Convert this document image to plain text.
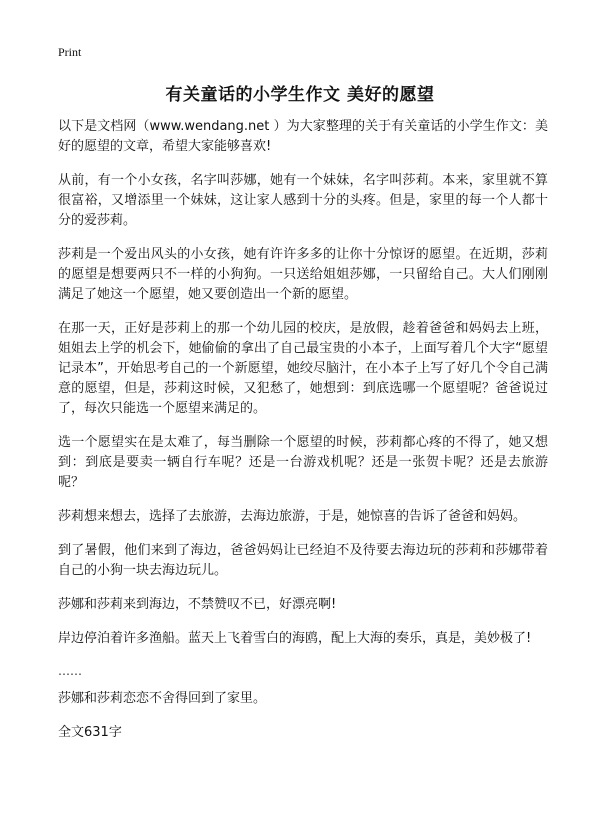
Print
有关童话的小学生作文 美好的愿望

以下是文档网（www.wendang.net ）为大家整理的关于有关童话的小学生作文：美好的愿望的文章，希望大家能够喜欢!

从前，有一个小女孩，名字叫莎娜，她有一个妹妹，名字叫莎莉。本来，家里就不算很富裕，又增添里一个妹妹，这让家人感到十分的头疼。但是，家里的每一个人都十分的爱莎莉。

莎莉是一个爱出风头的小女孩，她有许许多多的让你十分惊讶的愿望。在近期，莎莉的愿望是想要两只不一样的小狗狗。一只送给姐姐莎娜，一只留给自己。大人们刚刚满足了她这一个愿望，她又要创造出一个新的愿望。

在那一天，正好是莎莉上的那一个幼儿园的校庆，是放假，趁着爸爸和妈妈去上班，姐姐去上学的机会下，她偷偷的拿出了自己最宝贵的小本子，上面写着几个大字“愿望记录本”，开始思考自己的一个新愿望，她绞尽脑汁，在小本子上写了好几个令自己满意的愿望，但是，莎莉这时候，又犯愁了，她想到：到底选哪一个愿望呢？爸爸说过了，每次只能选一个愿望来满足的。

选一个愿望实在是太难了，每当删除一个愿望的时候，莎莉都心疼的不得了，她又想到：到底是要卖一辆自行车呢？还是一台游戏机呢？还是一张贺卡呢？还是去旅游呢？

莎莉想来想去，选择了去旅游，去海边旅游，于是，她惊喜的告诉了爸爸和妈妈。

到了暑假，他们来到了海边，爸爸妈妈让已经迫不及待要去海边玩的莎莉和莎娜带着自己的小狗一块去海边玩儿。

莎娜和莎莉来到海边，不禁赞叹不已，好漂亮啊!

岸边停泊着许多渔船。蓝天上飞着雪白的海鸥，配上大海的奏乐，真是，美妙极了!

……

莎娜和莎莉恋恋不舍得回到了家里。

全文631字
